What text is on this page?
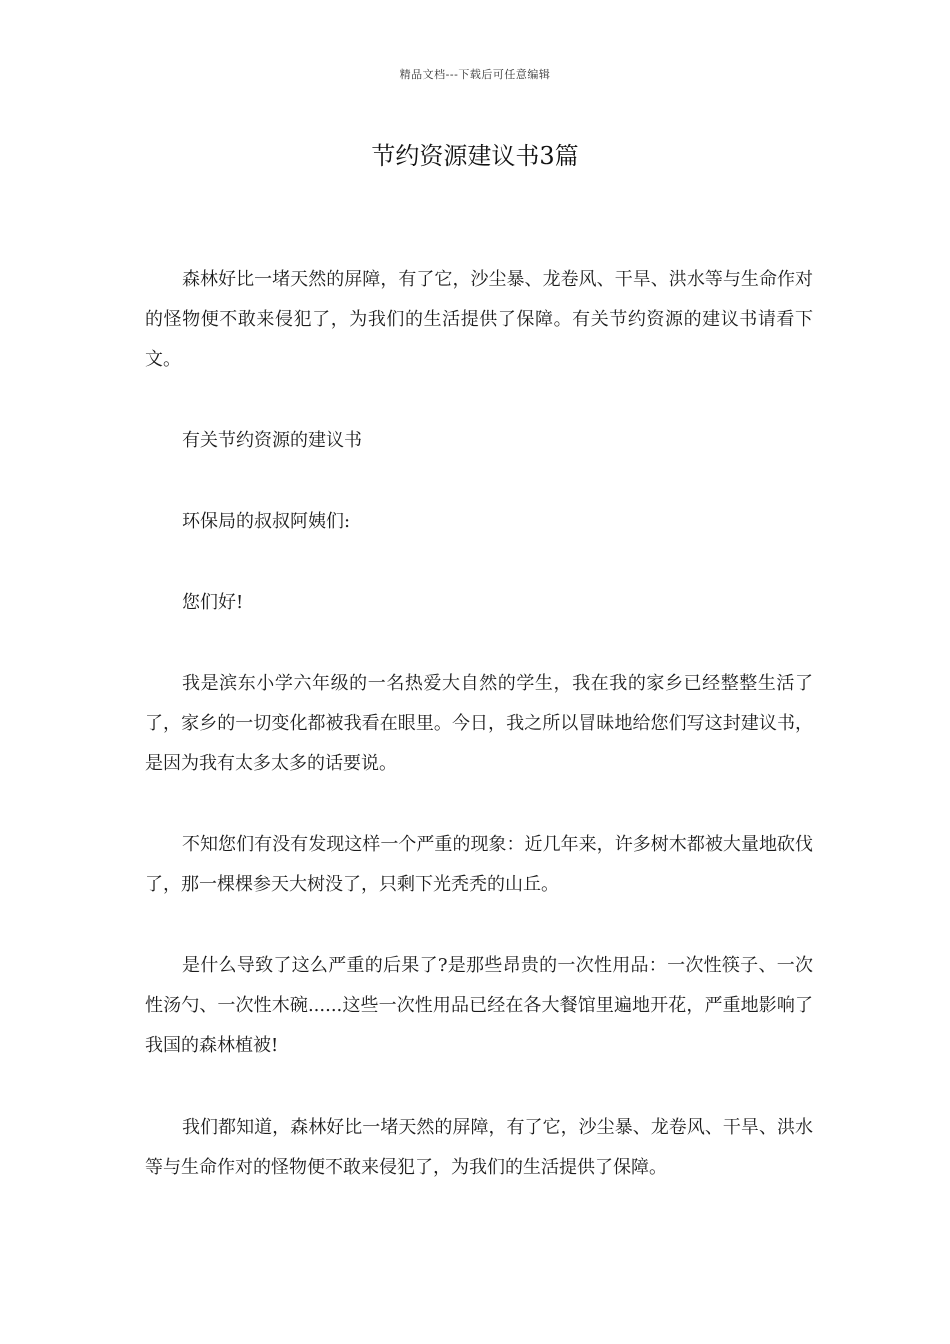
精品文档---下载后可任意编辑
节约资源建议书3篇

森林好比一堵天然的屏障，有了它，沙尘暴、龙卷风、干旱、洪水等与生命作对的怪物便不敢来侵犯了，为我们的生活提供了保障。有关节约资源的建议书请看下文。

有关节约资源的建议书

环保局的叔叔阿姨们:

您们好!

我是滨东小学六年级的一名热爱大自然的学生，我在我的家乡已经整整生活了了，家乡的一切变化都被我看在眼里。今日，我之所以冒昧地给您们写这封建议书，是因为我有太多太多的话要说。

不知您们有没有发现这样一个严重的现象：近几年来，许多树木都被大量地砍伐了，那一棵棵参天大树没了，只剩下光秃秃的山丘。

是什么导致了这么严重的后果了?是那些昂贵的一次性用品：一次性筷子、一次性汤勺、一次性木碗......这些一次性用品已经在各大餐馆里遍地开花，严重地影响了我国的森林植被!

我们都知道，森林好比一堵天然的屏障，有了它，沙尘暴、龙卷风、干旱、洪水等与生命作对的怪物便不敢来侵犯了，为我们的生活提供了保障。
